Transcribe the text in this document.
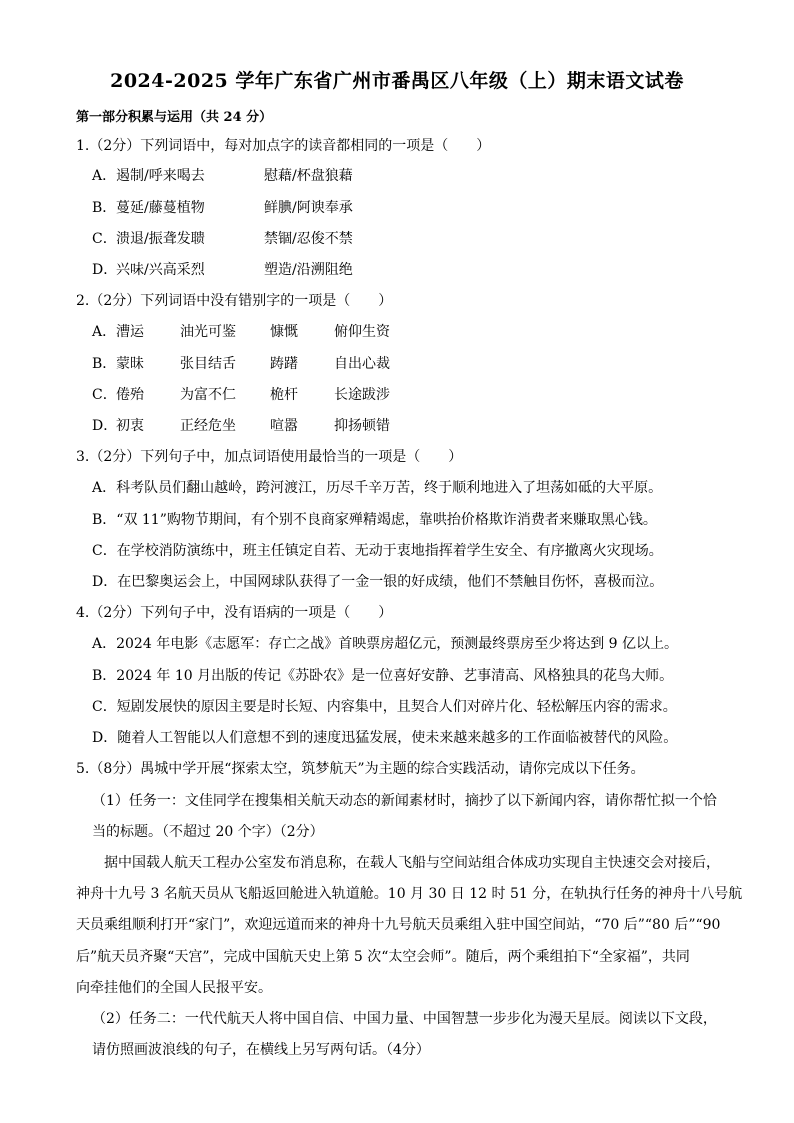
2024-2025 学年广东省广州市番禺区八年级（上）期末语文试卷
第一部分积累与运用（共 24 分）
1.（2分）下列词语中，每对加点字的读音都相同的一项是（　　）
A．遏制/呼来喝去	慰藉/杯盘狼藉
B．蔓延/藤蔓植物	鲜腆/阿谀奉承
C．溃退/振聋发聩	禁锢/忍俊不禁
D．兴味/兴高采烈	塑造/沿溯阻绝
2.（2分）下列词语中没有错别字的一项是（　　）
A．漕运	油光可鉴 慷慨	俯仰生资
B．蒙昧	张目结舌 踌躇	自出心裁
C．倦殆	为富不仁 桅杆	长途跋涉
D．初衷	正经危坐 喧嚣	抑扬顿错
3.（2分）下列句子中，加点词语使用最恰当的一项是（　　）
A．科考队员们翻山越岭，跨河渡江，历尽千辛万苦，终于顺利地进入了坦荡如砥的大平原。
B．“双 11”购物节期间，有个别不良商家殚精竭虑，靠哄抬价格欺诈消费者来赚取黑心钱。
C．在学校消防演练中，班主任镇定自若、无动于衷地指挥着学生安全、有序撤离火灾现场。
D．在巴黎奥运会上，中国网球队获得了一金一银的好成绩，他们不禁触目伤怀，喜极而泣。
4.（2分）下列句子中，没有语病的一项是（　　）
A．2024 年电影《志愿军：存亡之战》首映票房超亿元，预测最终票房至少将达到 9 亿以上。
B．2024 年 10 月出版的传记《苏卧农》是一位喜好安静、艺事清高、风格独具的花鸟大师。
C．短剧发展快的原因主要是时长短、内容集中，且契合人们对碎片化、轻松解压内容的需求。
D．随着人工智能以人们意想不到的速度迅猛发展，使未来越来越多的工作面临被替代的风险。
5.（8分）禺城中学开展“探索太空，筑梦航天”为主题的综合实践活动，请你完成以下任务。
（1）任务一：文佳同学在搜集相关航天动态的新闻素材时，摘抄了以下新闻内容，请你帮忙拟一个恰
当的标题。（不超过 20 个字）（2分）
据中国载人航天工程办公室发布消息称，在载人飞船与空间站组合体成功实现自主快速交会对接后，
神舟十九号 3 名航天员从飞船返回舱进入轨道舱。10 月 30 日 12 时 51 分，在轨执行任务的神舟十八号航
天员乘组顺利打开“家门”，欢迎远道而来的神舟十九号航天员乘组入驻中国空间站，“70 后”“80 后”“90
后”航天员齐聚“天宫”，完成中国航天史上第 5 次“太空会师”。随后，两个乘组拍下“全家福”，共同
向牵挂他们的全国人民报平安。
（2）任务二：一代代航天人将中国自信、中国力量、中国智慧一步步化为漫天星辰。阅读以下文段，
请仿照画波浪线的句子，在横线上另写两句话。（4分）
